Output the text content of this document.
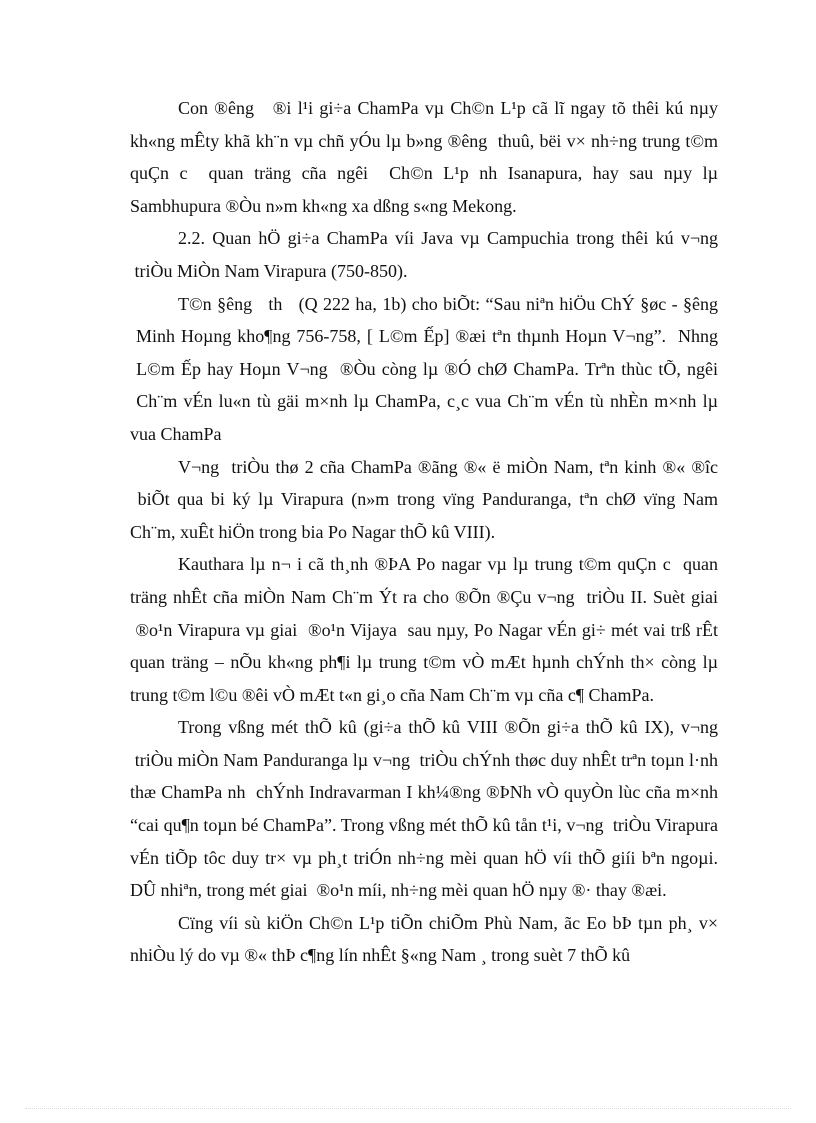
Con ®êng   ®i l¹i gi÷a ChamPa vµ Ch©n L¹p cã lĩ ngay tõ thêi kú nµy kh«ng mÊty khã kh¨n vµ chñ yÓu lµ b»ng ®êng  thuû, bëi v× nh÷ng trung t©m quÇn c  quan träng cña ngêi  Ch©n L¹p nh Isanapura, hay sau nµy lµ Sambhupura ®Òu n»m kh«ng xa dßng s«ng Mekong.

2.2. Quan hÖ gi÷a ChamPa víi Java vµ Campuchia trong thêi kú v¬ng  triÒu MiÒn Nam Virapura (750-850).

T©n §êng   th   (Q 222 ha, 1b) cho biÕt: “Sau niªn hiÖu ChÝ §øc - §êng  Minh Hoµng kho¶ng 756-758, [ L©m Ếp] ®æi tªn thµnh Hoµn V¬ng”.  Nhng  L©m Ếp hay Hoµn V¬ng  ®Òu còng lµ ®Ó chØ ChamPa. Trªn thùc tÕ, ngêi  Ch¨m vÉn lu«n tù gäi m×nh lµ ChamPa, c¸c vua Ch¨m vÉn tù nhÈn m×nh lµ vua ChamPa

V¬ng  triÒu thø 2 cña ChamPa ®ãng ®« ë miÒn Nam, tªn kinh ®« ®îc  biÕt qua bi ký lµ Virapura (n»m trong vïng Panduranga, tªn chØ vïng Nam Ch¨m, xuÊt hiÖn trong bia Po Nagar thÕ kû VIII).

Kauthara lµ n¬ i cã th¸nh ®ÞA Po nagar vµ lµ trung t©m quÇn c  quan träng nhÊt cña miÒn Nam Ch¨m Ýt ra cho ®Õn ®Çu v¬ng  triÒu II. Suèt giai  ®o¹n Virapura vµ giai  ®o¹n Vijaya  sau nµy, Po Nagar vÉn gi÷ mét vai trß rÊt quan träng – nÕu kh«ng ph¶i lµ trung t©m vÒ mÆt hµnh chÝnh th× còng lµ trung t©m l©u ®êi vÒ mÆt t«n gi¸o cña Nam Ch¨m vµ cña c¶ ChamPa.

Trong vßng mét thÕ kû (gi÷a thÕ kû VIII ®Õn gi÷a thÕ kû IX), v¬ng  triÒu miÒn Nam Panduranga lµ v¬ng  triÒu chÝnh thøc duy nhÊt trªn toµn l·nh thæ ChamPa nh  chÝnh Indravarman I kh¼®ng ®ÞNh vÒ quyÒn lùc cña m×nh “cai qu¶n toµn bé ChamPa”. Trong vßng mét thÕ kû tån t¹i, v¬ng  triÒu Virapura vÉn tiÕp tôc duy tr× vµ ph¸t triÓn nh÷ng mèi quan hÖ víi thÕ giíi bªn ngoµi. DÛ nhiªn, trong mét giai  ®o¹n míi, nh÷ng mèi quan hÖ nµy ®· thay ®æi.

Cïng víi sù kiÖn Ch©n L¹p tiÕn chiÕm Phù Nam, ãc Eo bÞ tµn ph¸ v× nhiÒu lý do vµ ®« thÞ c¶ng lín nhÊt §«ng Nam ¸ trong suèt 7 thÕ kû
